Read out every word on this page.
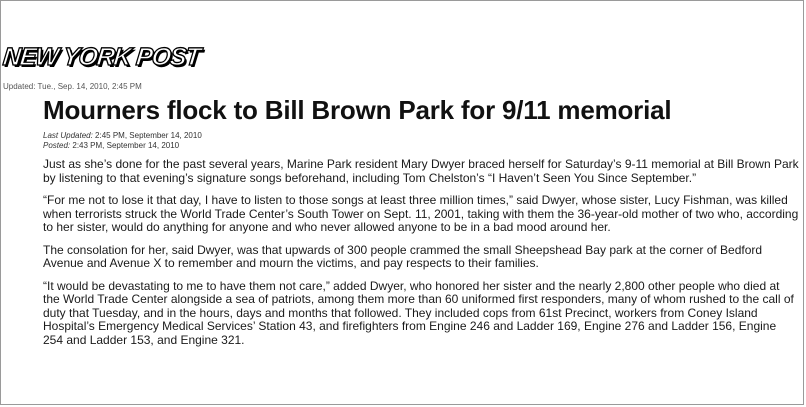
NEW YORK POST
Updated: Tue., Sep. 14, 2010, 2:45 PM
Mourners flock to Bill Brown Park for 9/11 memorial
Last Updated: 2:45 PM, September 14, 2010
Posted: 2:43 PM, September 14, 2010

Just as she’s done for the past several years, Marine Park resident Mary Dwyer braced herself for Saturday’s 9-11 memorial at Bill Brown Park by listening to that evening’s signature songs beforehand, including Tom Chelston’s “I Haven’t Seen You Since September.”

“For me not to lose it that day, I have to listen to those songs at least three million times,” said Dwyer, whose sister, Lucy Fishman, was killed when terrorists struck the World Trade Center’s South Tower on Sept. 11, 2001, taking with them the 36-year-old mother of two who, according to her sister, would do anything for anyone and who never allowed anyone to be in a bad mood around her.

The consolation for her, said Dwyer, was that upwards of 300 people crammed the small Sheepshead Bay park at the corner of Bedford Avenue and Avenue X to remember and mourn the victims, and pay respects to their families.

“It would be devastating to me to have them not care,” added Dwyer, who honored her sister and the nearly 2,800 other people who died at the World Trade Center alongside a sea of patriots, among them more than 60 uniformed first responders, many of whom rushed to the call of duty that Tuesday, and in the hours, days and months that followed. They included cops from 61st Precinct, workers from Coney Island Hospital’s Emergency Medical Services’ Station 43, and firefighters from Engine 246 and Ladder 169, Engine 276 and Ladder 156, Engine 254 and Ladder 153, and Engine 321.
